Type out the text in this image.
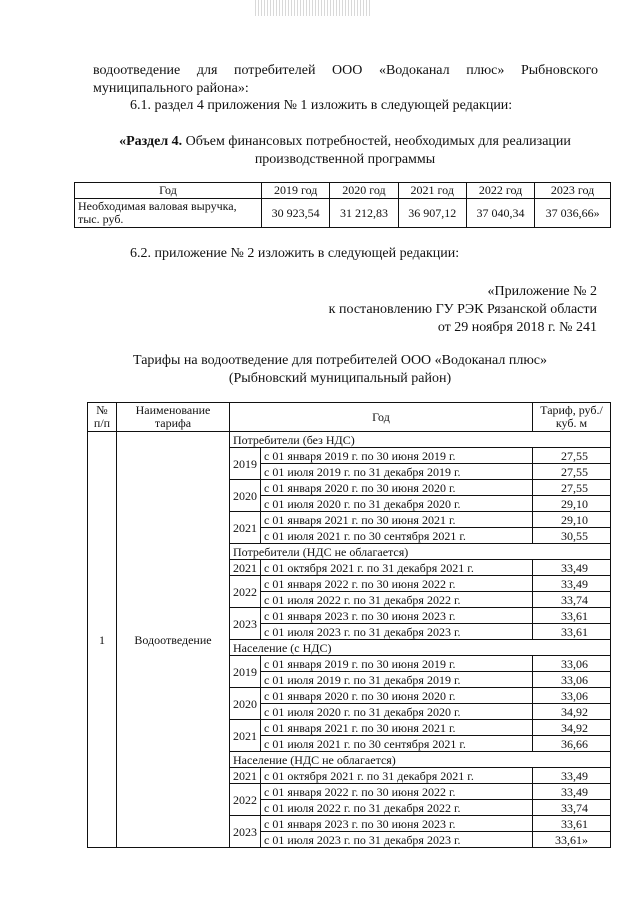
водоотведение для потребителей ООО «Водоканал плюс» Рыбновского муниципального района»:

6.1. раздел 4 приложения № 1 изложить в следующей редакции:

«Раздел 4. Объем финансовых потребностей, необходимых для реализации производственной программы

Год	2019 год	2020 год	2021 год	2022 год	2023 год
Необходимая валовая выручка, тыс. руб.	30 923,54	31 212,83	36 907,12	37 040,34	37 036,66»

6.2. приложение № 2 изложить в следующей редакции:

«Приложение № 2
к постановлению ГУ РЭК Рязанской области
от 29 ноября 2018 г. № 241

Тарифы на водоотведение для потребителей ООО «Водоканал плюс»
(Рыбновский муниципальный район)

№ п/п	Наименование тарифа	Год		Тариф, руб./куб. м
1	Водоотведение	Потребители (без НДС)		
		2019	с 01 января 2019 г. по 30 июня 2019 г.	27,55
			с 01 июля 2019 г. по 31 декабря 2019 г.	27,55
		2020	с 01 января 2020 г. по 30 июня 2020 г.	27,55
			с 01 июля 2020 г. по 31 декабря 2020 г.	29,10
		2021	с 01 января 2021 г. по 30 июня 2021 г.	29,10
			с 01 июля 2021 г. по 30 сентября 2021 г.	30,55
		Потребители (НДС не облагается)		
		2021	с 01 октября 2021 г. по 31 декабря 2021 г.	33,49
		2022	с 01 января 2022 г. по 30 июня 2022 г.	33,49
			с 01 июля 2022 г. по 31 декабря 2022 г.	33,74
		2023	с 01 января 2023 г. по 30 июня 2023 г.	33,61
			с 01 июля 2023 г. по 31 декабря 2023 г.	33,61
		Население (с НДС)		
		2019	с 01 января 2019 г. по 30 июня 2019 г.	33,06
			с 01 июля 2019 г. по 31 декабря 2019 г.	33,06
		2020	с 01 января 2020 г. по 30 июня 2020 г.	33,06
			с 01 июля 2020 г. по 31 декабря 2020 г.	34,92
		2021	с 01 января 2021 г. по 30 июня 2021 г.	34,92
			с 01 июля 2021 г. по 30 сентября 2021 г.	36,66
		Население (НДС не облагается)		
		2021	с 01 октября 2021 г. по 31 декабря 2021 г.	33,49
		2022	с 01 января 2022 г. по 30 июня 2022 г.	33,49
			с 01 июля 2022 г. по 31 декабря 2022 г.	33,74
		2023	с 01 января 2023 г. по 30 июня 2023 г.	33,61
			с 01 июля 2023 г. по 31 декабря 2023 г.	33,61»
